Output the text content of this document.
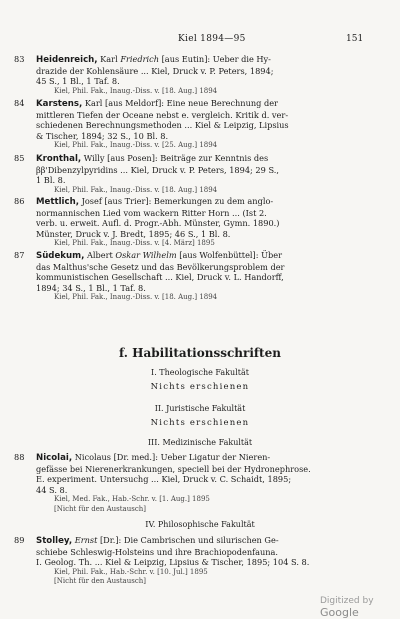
Kiel 1894—95	151
83	Heidenreich, Karl Friedrich [aus Eutin]: Ueber die Hy-
drazide der Kohlensäure ... Kiel, Druck v. P. Peters, 1894;
45 S., 1 Bl., 1 Taf. 8.
Kiel, Phil. Fak., Inaug.-Diss. v. [18. Aug.] 1894
84	Karstens, Karl [aus Meldorf]: Eine neue Berechnung der
mittleren Tiefen der Oceane nebst e. vergleich. Kritik d. ver-
schiedenen Berechnungsmethoden ... Kiel & Leipzig, Lipsius
& Tischer, 1894; 32 S., 10 Bl. 8.
Kiel, Phil. Fak., Inaug.-Diss. v. [25. Aug.] 1894
85	Kronthal, Willy [aus Posen]: Beiträge zur Kenntnis des
ββ'Dibenzylpyridins ... Kiel, Druck v. P. Peters, 1894; 29 S.,
1 Bl. 8.
Kiel, Phil. Fak., Inaug.-Diss. v. [18. Aug.] 1894
86	Mettlich, Josef [aus Trier]: Bemerkungen zu dem anglo-
normannischen Lied vom wackern Ritter Horn ... (Ist 2.
verb. u. erweit. Aufl. d. Progr.-Abh. Münster, Gymn. 1890.)
Münster, Druck v. J. Bredt, 1895; 46 S., 1 Bl. 8.
Kiel, Phil. Fak., Inaug.-Diss. v. [4. März] 1895
87	Südekum, Albert Oskar Wilhelm [aus Wolfenbüttel]: Über
das Malthus'sche Gesetz und das Bevölkerungsproblem der
kommunistischen Gesellschaft ... Kiel, Druck v. L. Handorff,
1894; 34 S., 1 Bl., 1 Taf. 8.
Kiel, Phil. Fak., Inaug.-Diss. v. [18. Aug.] 1894
f. Habilitationsschriften
I. Theologische Fakultät
Nichts erschienen
II. Juristische Fakultät
Nichts erschienen
III. Medizinische Fakultät
88	Nicolai, Nicolaus [Dr. med.]: Ueber Ligatur der Nieren-
gefässe bei Nierenerkrankungen, speciell bei der Hydronephrose.
E. experiment. Untersuchg ... Kiel, Druck v. C. Schaidt, 1895;
44 S. 8.
Kiel, Med. Fak., Hab.-Schr. v. [1. Aug.] 1895
[Nicht für den Austausch]
IV. Philosophische Fakultät
89	Stolley, Ernst [Dr.]: Die Cambrischen und silurischen Ge-
schiebe Schleswig-Holsteins und ihre Brachiopodenfauna.
I. Geolog. Th. ... Kiel & Leipzig, Lipsius & Tischer, 1895; 104 S. 8.
Kiel, Phil. Fak., Hab.-Schr. v. [10. Jul.] 1895
[Nicht für den Austausch]
Digitized by Google
